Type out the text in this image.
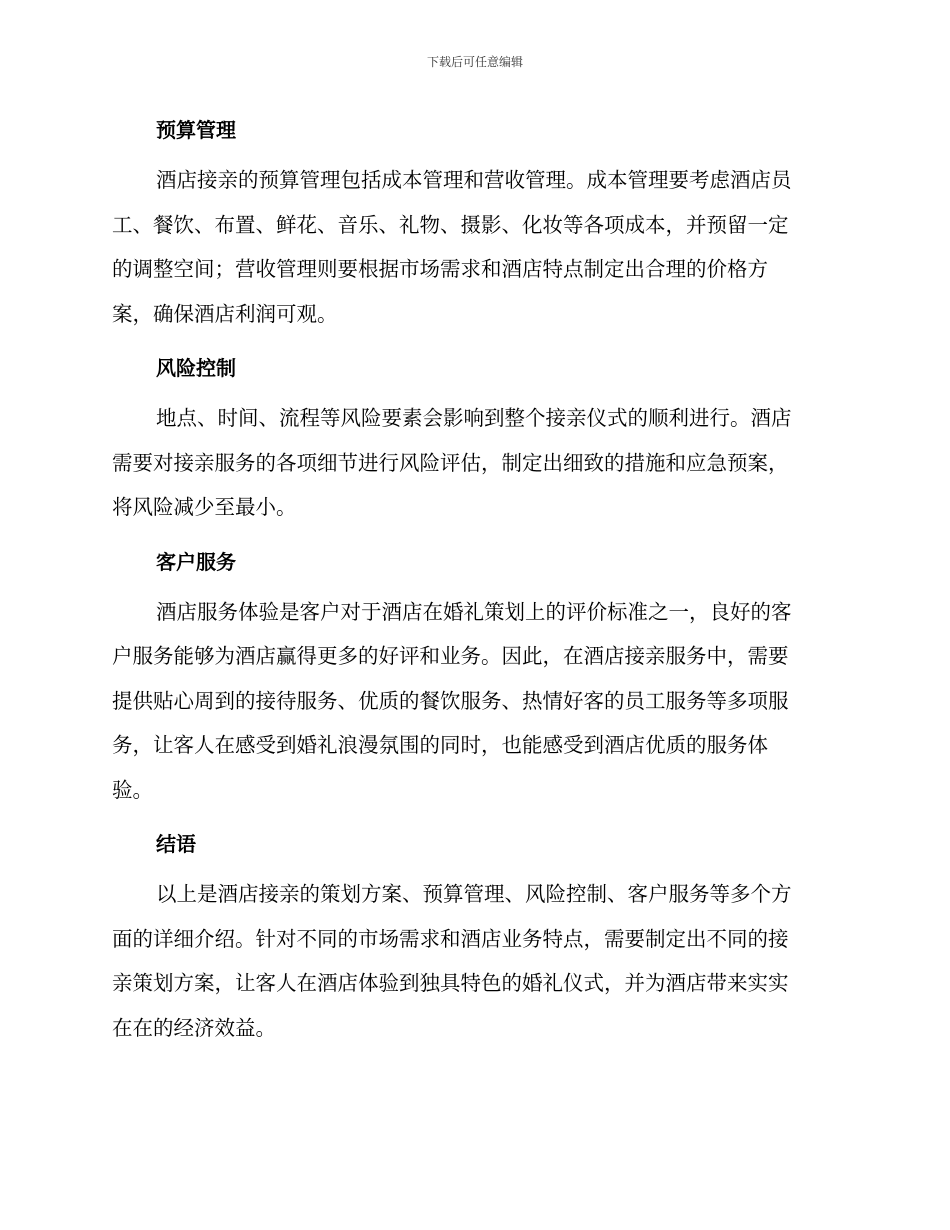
下载后可任意编辑
预算管理

酒店接亲的预算管理包括成本管理和营收管理。成本管理要考虑酒店员
工、餐饮、布置、鲜花、音乐、礼物、摄影、化妆等各项成本，并预留一定
的调整空间；营收管理则要根据市场需求和酒店特点制定出合理的价格方
案，确保酒店利润可观。

风险控制

地点、时间、流程等风险要素会影响到整个接亲仪式的顺利进行。酒店
需要对接亲服务的各项细节进行风险评估，制定出细致的措施和应急预案，
将风险减少至最小。

客户服务

酒店服务体验是客户对于酒店在婚礼策划上的评价标准之一，良好的客
户服务能够为酒店赢得更多的好评和业务。因此，在酒店接亲服务中，需要
提供贴心周到的接待服务、优质的餐饮服务、热情好客的员工服务等多项服
务，让客人在感受到婚礼浪漫氛围的同时，也能感受到酒店优质的服务体
验。

结语

以上是酒店接亲的策划方案、预算管理、风险控制、客户服务等多个方
面的详细介绍。针对不同的市场需求和酒店业务特点，需要制定出不同的接
亲策划方案，让客人在酒店体验到独具特色的婚礼仪式，并为酒店带来实实
在在的经济效益。
